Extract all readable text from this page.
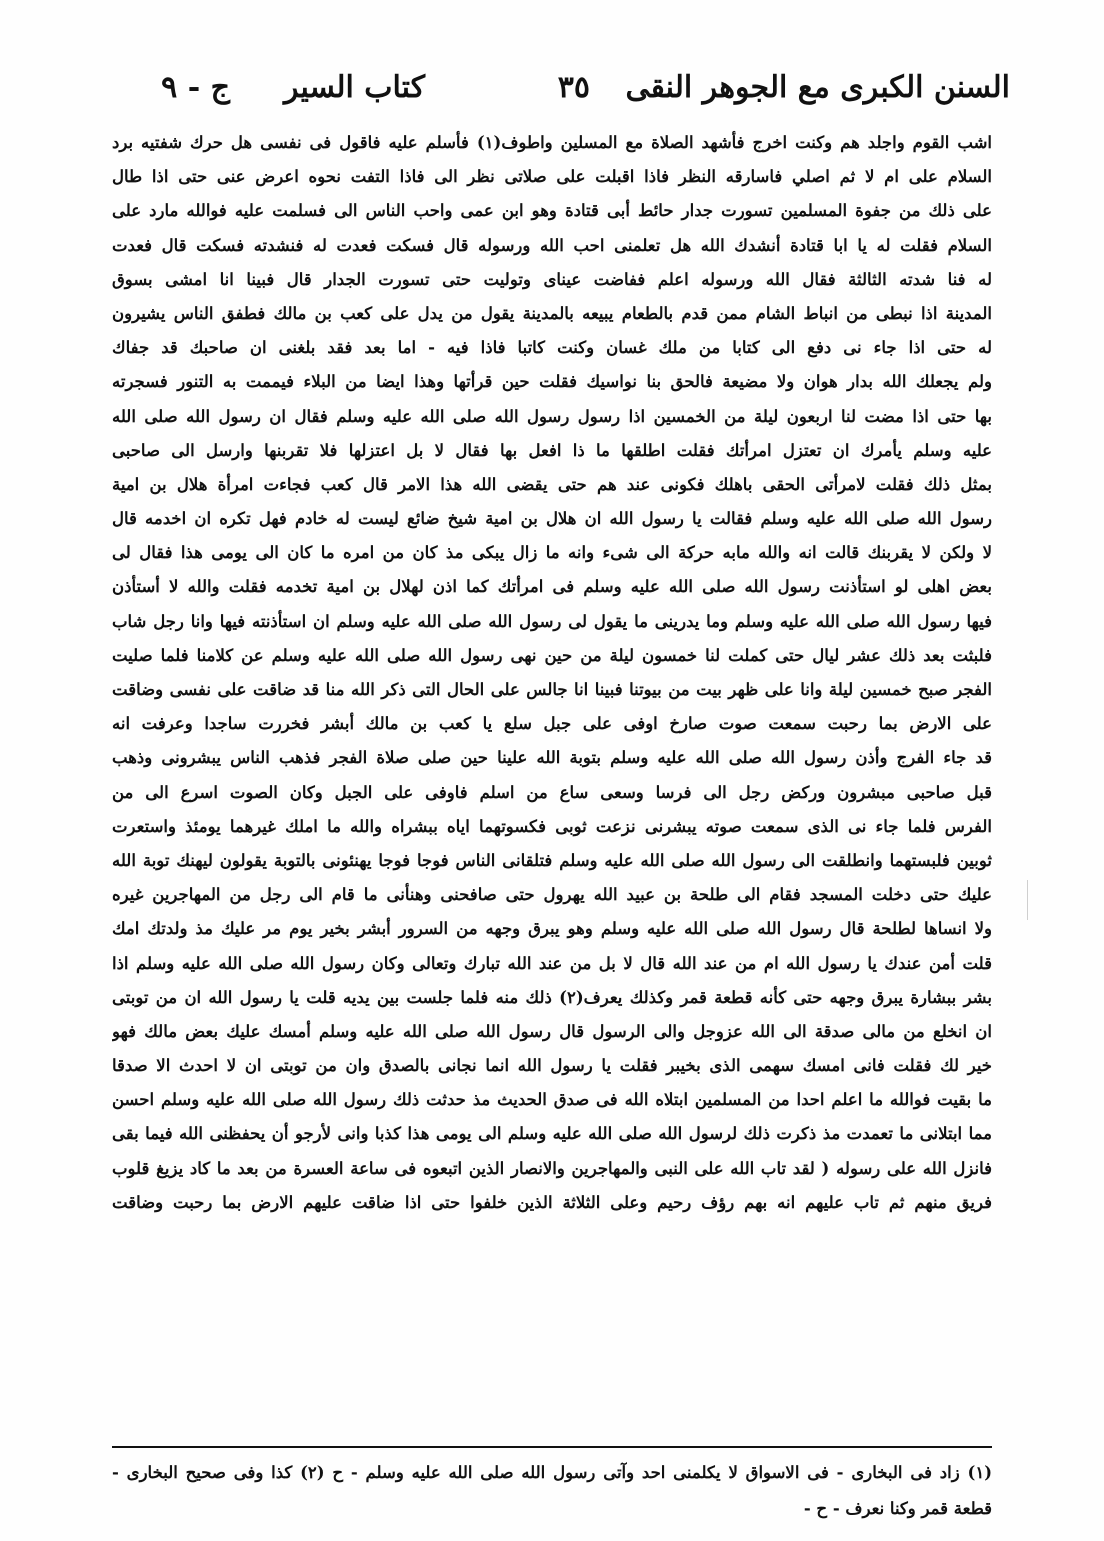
السنن الكبرى مع الجوهر النقى
٣٥
كتاب السير
ج - ٩
اشب القوم واجلد هم وكنت اخرج فأشهد الصلاة مع المسلين واطوف(١) فأسلم عليه فاقول فى نفسى هل حرك شفتيه برد
السلام على ام لا ثم اصلي فاسارقه النظر فاذا اقبلت على صلاتى نظر الى فاذا التفت نحوه اعرض عنى حتى اذا طال
على ذلك من جفوة المسلمين تسورت جدار حائط أبى قتادة وهو ابن عمى واحب الناس الى فسلمت عليه فوالله مارد على
السلام فقلت له يا ابا قتادة أنشدك الله هل تعلمنى احب الله ورسوله قال فسكت فعدت له فنشدته فسكت قال فعدت
له فنا شدته الثالثة فقال الله ورسوله اعلم ففاضت عيناى وتوليت حتى تسورت الجدار قال فبينا انا امشى بسوق
المدينة اذا نبطى من انباط الشام ممن قدم بالطعام يبيعه بالمدينة يقول من يدل على كعب بن مالك فطفق الناس يشيرون
له حتى اذا جاء نى دفع الى كتابا من ملك غسان وكنت كاتبا فاذا فيه - اما بعد فقد بلغنى ان صاحبك قد جفاك
ولم يجعلك الله بدار هوان ولا مضيعة فالحق بنا نواسيك فقلت حين قرأتها وهذا ايضا من البلاء فيممت به التنور فسجرته
بها حتى اذا مضت لنا اربعون ليلة من الخمسين اذا رسول رسول الله صلى الله عليه وسلم فقال ان رسول الله صلى الله
عليه وسلم يأمرك ان تعتزل امرأتك فقلت اطلقها ما ذا افعل بها فقال لا بل اعتزلها فلا تقربنها وارسل الى صاحبى
بمثل ذلك فقلت لامرأتى الحقى باهلك فكونى عند هم حتى يقضى الله هذا الامر قال كعب فجاءت امرأة هلال بن امية
رسول الله صلى الله عليه وسلم فقالت يا رسول الله ان هلال بن امية شيخ ضائع ليست له خادم فهل تكره ان اخدمه قال
لا ولكن لا يقربنك قالت انه والله مابه حركة الى شىء وانه ما زال يبكى مذ كان من امره ما كان الى يومى هذا فقال لى
بعض اهلى لو استأذنت رسول الله صلى الله عليه وسلم فى امرأتك كما اذن لهلال بن امية تخدمه فقلت والله لا أستأذن
فيها رسول الله صلى الله عليه وسلم وما يدرينى ما يقول لى رسول الله صلى الله عليه وسلم ان استأذنته فيها وانا رجل شاب
فلبثت بعد ذلك عشر ليال حتى كملت لنا خمسون ليلة من حين نهى رسول الله صلى الله عليه وسلم عن كلامنا فلما صليت
الفجر صبح خمسين ليلة وانا على ظهر بيت من بيوتنا فبينا انا جالس على الحال التى ذكر الله منا قد ضاقت على نفسى وضاقت
على الارض بما رحبت سمعت صوت صارخ اوفى على جبل سلع يا كعب بن مالك أبشر فخررت ساجدا وعرفت انه
قد جاء الفرج وأذن رسول الله صلى الله عليه وسلم بتوبة الله علينا حين صلى صلاة الفجر فذهب الناس يبشرونى وذهب
قبل صاحبى مبشرون وركض رجل الى فرسا وسعى ساع من اسلم فاوفى على الجبل وكان الصوت اسرع الى من
الفرس فلما جاء نى الذى سمعت صوته يبشرنى نزعت ثوبى فكسوتهما اياه ببشراه والله ما املك غيرهما يومئذ واستعرت
ثوبين فلبستهما وانطلقت الى رسول الله صلى الله عليه وسلم فتلقانى الناس فوجا فوجا يهنئونى بالتوبة يقولون ليهنك توبة الله
عليك حتى دخلت المسجد فقام الى طلحة بن عبيد الله يهرول حتى صافحنى وهنأنى ما قام الى رجل من المهاجرين غيره
ولا انساها لطلحة قال رسول الله صلى الله عليه وسلم وهو يبرق وجهه من السرور أبشر بخير يوم مر عليك مذ ولدتك امك
قلت أمن عندك يا رسول الله ام من عند الله قال لا بل من عند الله تبارك وتعالى وكان رسول الله صلى الله عليه وسلم اذا
بشر ببشارة يبرق وجهه حتى كأنه قطعة قمر وكذلك يعرف(٢) ذلك منه فلما جلست بين يديه قلت يا رسول الله ان من توبتى
ان انخلع من مالى صدقة الى الله عزوجل والى الرسول قال رسول الله صلى الله عليه وسلم أمسك عليك بعض مالك فهو
خير لك فقلت فانى امسك سهمى الذى بخيبر فقلت يا رسول الله انما نجانى بالصدق وان من توبتى ان لا احدث الا صدقا
ما بقيت فوالله ما اعلم احدا من المسلمين ابتلاه الله فى صدق الحديث مذ حدثت ذلك رسول الله صلى الله عليه وسلم احسن
مما ابتلانى ما تعمدت مذ ذكرت ذلك لرسول الله صلى الله عليه وسلم الى يومى هذا كذبا وانى لأرجو أن يحفظنى الله فيما بقى
فانزل الله على رسوله ( لقد تاب الله على النبى والمهاجرين والانصار الذين اتبعوه فى ساعة العسرة من بعد ما كاد يزيغ قلوب
فريق منهم ثم تاب عليهم انه بهم رؤف رحيم وعلى الثلاثة الذين خلفوا حتى اذا ضاقت عليهم الارض بما رحبت وضاقت
(١) زاد فى البخارى - فى الاسواق لا يكلمنى احد وآتى رسول الله صلى الله عليه وسلم - ح (٢) كذا وفى صحيح البخارى -
قطعة قمر وكنا نعرف - ح -
